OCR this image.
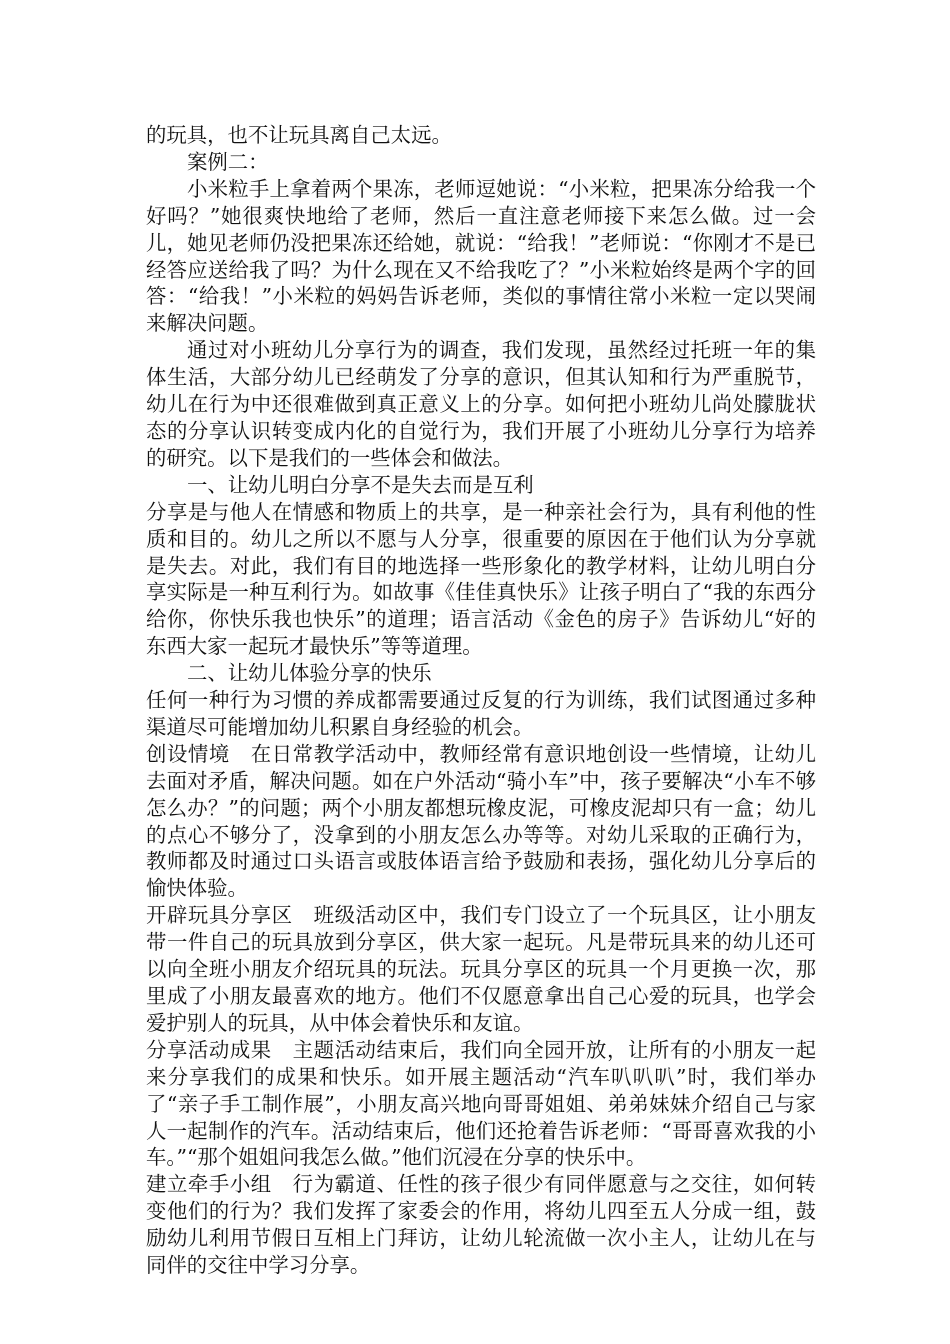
的玩具，也不让玩具离自己太远。

案例二：

小米粒手上拿着两个果冻，老师逗她说：“小米粒，把果冻分给我一个好吗？”她很爽快地给了老师，然后一直注意老师接下来怎么做。过一会儿，她见老师仍没把果冻还给她，就说：“给我！”老师说：“你刚才不是已经答应送给我了吗？为什么现在又不给我吃了？”小米粒始终是两个字的回答：“给我！”小米粒的妈妈告诉老师，类似的事情往常小米粒一定以哭闹来解决问题。

通过对小班幼儿分享行为的调查，我们发现，虽然经过托班一年的集体生活，大部分幼儿已经萌发了分享的意识，但其认知和行为严重脱节，幼儿在行为中还很难做到真正意义上的分享。如何把小班幼儿尚处朦胧状态的分享认识转变成内化的自觉行为，我们开展了小班幼儿分享行为培养的研究。以下是我们的一些体会和做法。

一、让幼儿明白分享不是失去而是互利

分享是与他人在情感和物质上的共享，是一种亲社会行为，具有利他的性质和目的。幼儿之所以不愿与人分享，很重要的原因在于他们认为分享就是失去。对此，我们有目的地选择一些形象化的教学材料，让幼儿明白分享实际是一种互利行为。如故事《佳佳真快乐》让孩子明白了“我的东西分给你，你快乐我也快乐”的道理；语言活动《金色的房子》告诉幼儿“好的东西大家一起玩才最快乐”等等道理。

二、让幼儿体验分享的快乐

任何一种行为习惯的养成都需要通过反复的行为训练，我们试图通过多种渠道尽可能增加幼儿积累自身经验的机会。

创设情境　在日常教学活动中，教师经常有意识地创设一些情境，让幼儿去面对矛盾，解决问题。如在户外活动“骑小车”中，孩子要解决“小车不够怎么办？”的问题；两个小朋友都想玩橡皮泥，可橡皮泥却只有一盒；幼儿的点心不够分了，没拿到的小朋友怎么办等等。对幼儿采取的正确行为，教师都及时通过口头语言或肢体语言给予鼓励和表扬，强化幼儿分享后的愉快体验。

开辟玩具分享区　班级活动区中，我们专门设立了一个玩具区，让小朋友带一件自己的玩具放到分享区，供大家一起玩。凡是带玩具来的幼儿还可以向全班小朋友介绍玩具的玩法。玩具分享区的玩具一个月更换一次，那里成了小朋友最喜欢的地方。他们不仅愿意拿出自己心爱的玩具，也学会爱护别人的玩具，从中体会着快乐和友谊。

分享活动成果　主题活动结束后，我们向全园开放，让所有的小朋友一起来分享我们的成果和快乐。如开展主题活动“汽车叭叭叭”时，我们举办了“亲子手工制作展”，小朋友高兴地向哥哥姐姐、弟弟妹妹介绍自己与家人一起制作的汽车。活动结束后，他们还抢着告诉老师：“哥哥喜欢我的小车。”“那个姐姐问我怎么做。”他们沉浸在分享的快乐中。

建立牵手小组　行为霸道、任性的孩子很少有同伴愿意与之交往，如何转变他们的行为？我们发挥了家委会的作用，将幼儿四至五人分成一组，鼓励幼儿利用节假日互相上门拜访，让幼儿轮流做一次小主人，让幼儿在与同伴的交往中学习分享。
